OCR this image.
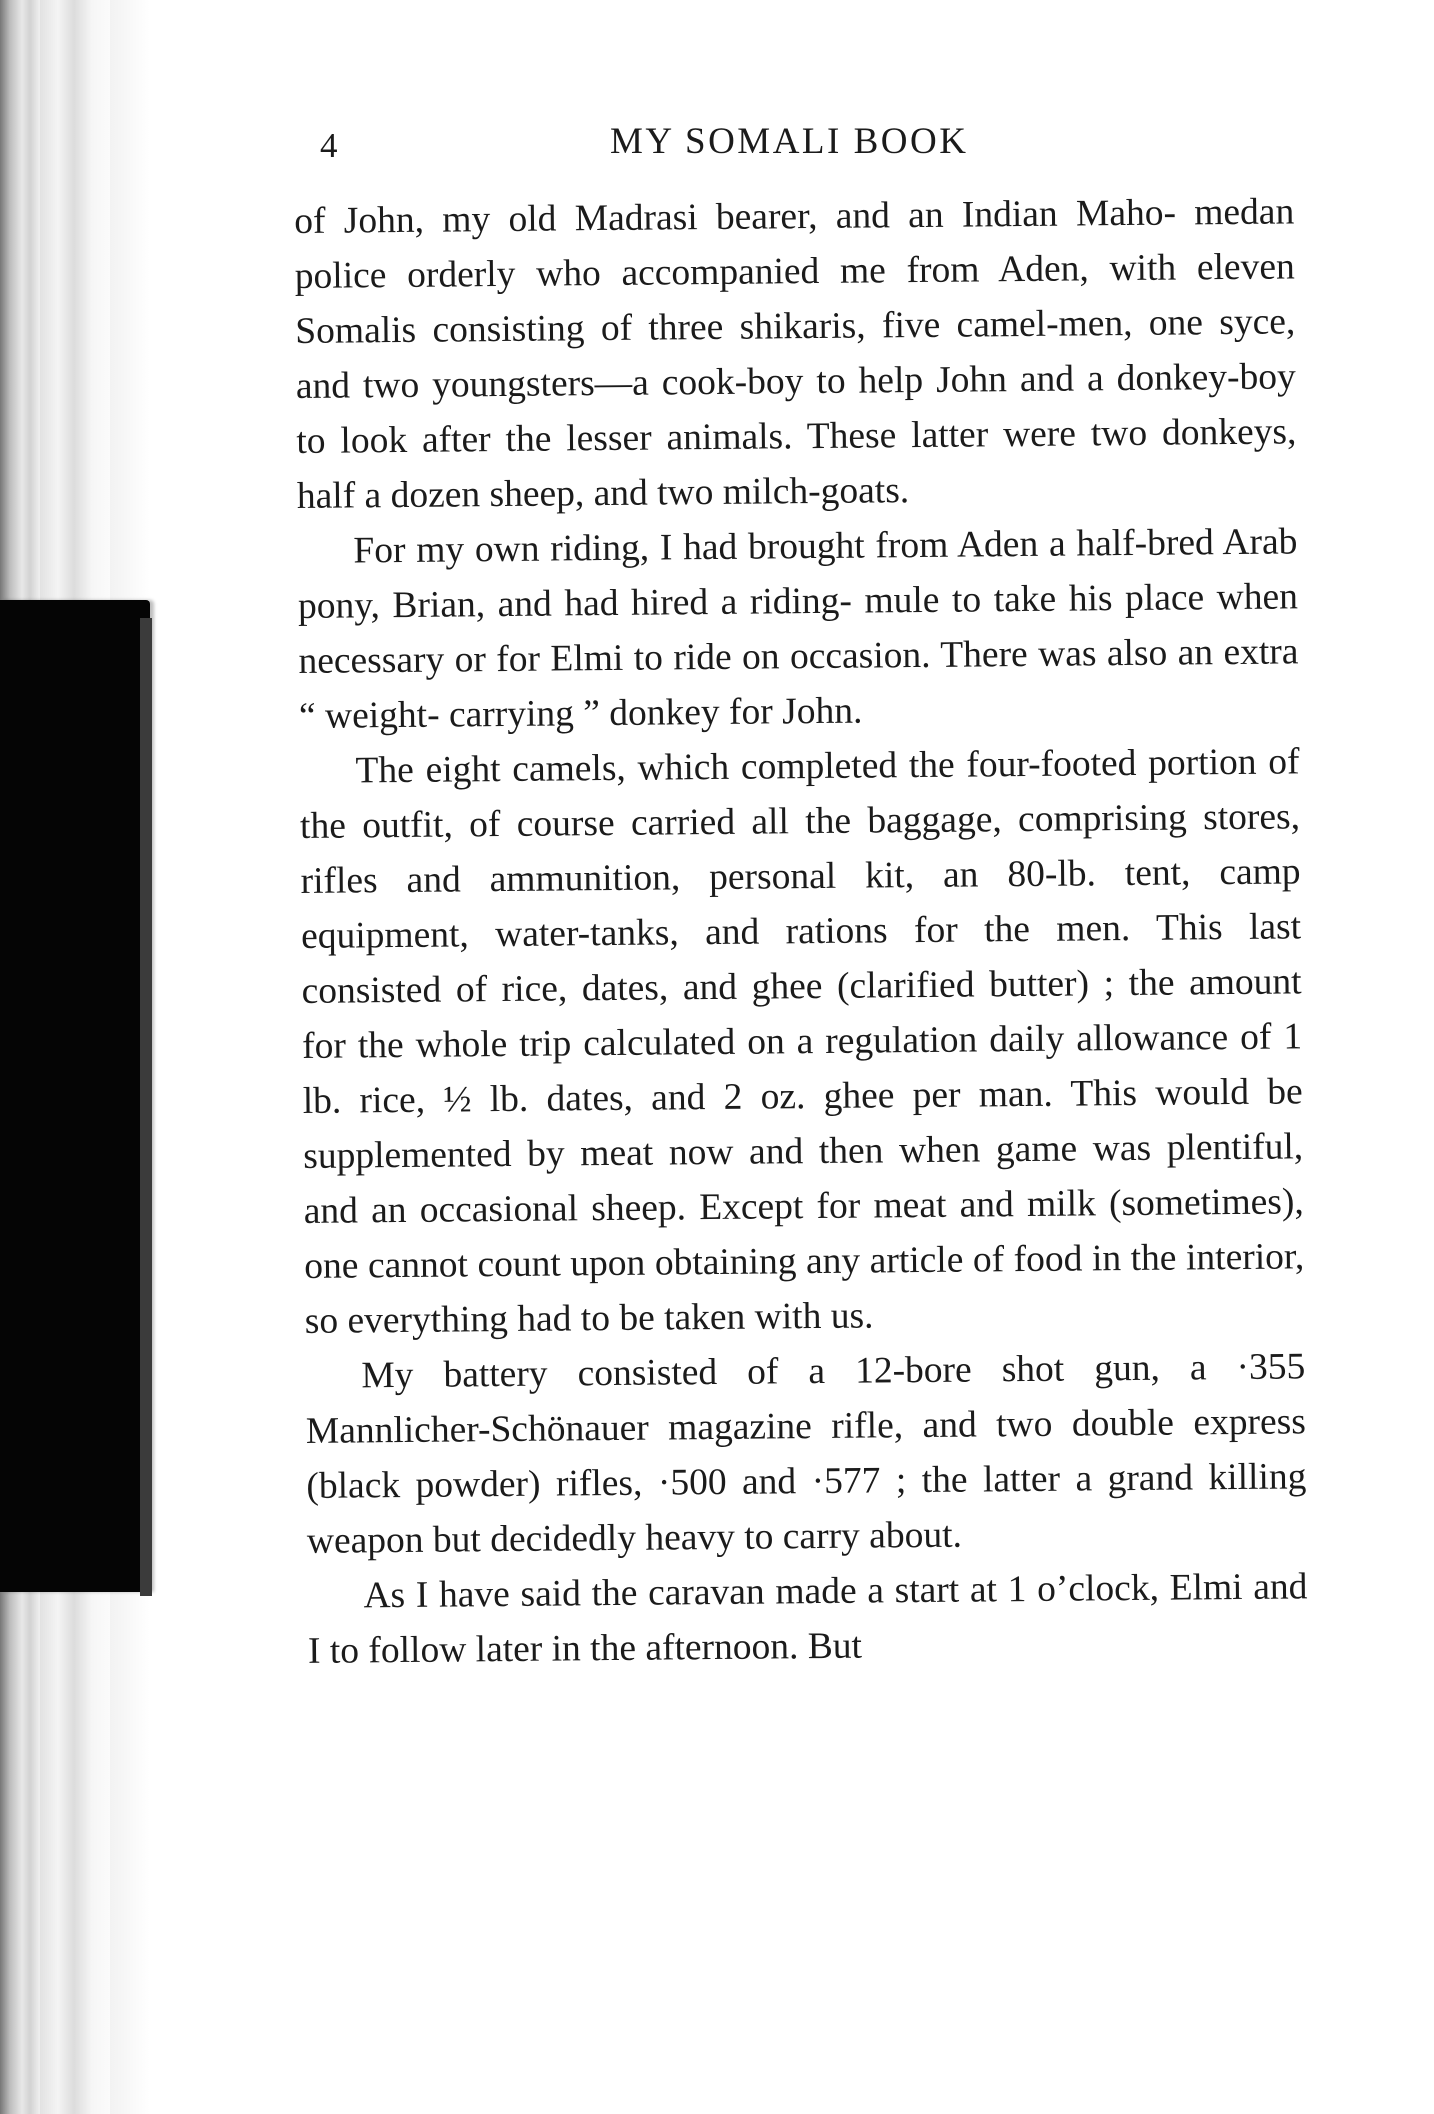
4	MY SOMALI BOOK

of John, my old Madrasi bearer, and an Indian Maho- medan police orderly who accompanied me from Aden, with eleven Somalis consisting of three shikaris, five camel-men, one syce, and two youngsters—a cook-boy to help John and a donkey-boy to look after the lesser animals. These latter were two donkeys, half a dozen sheep, and two milch-goats.

For my own riding, I had brought from Aden a half-bred Arab pony, Brian, and had hired a riding- mule to take his place when necessary or for Elmi to ride on occasion. There was also an extra “ weight- carrying ” donkey for John.

The eight camels, which completed the four-footed portion of the outfit, of course carried all the baggage, comprising stores, rifles and ammunition, personal kit, an 80-lb. tent, camp equipment, water-tanks, and rations for the men. This last consisted of rice, dates, and ghee (clarified butter) ; the amount for the whole trip calculated on a regulation daily allowance of 1 lb. rice, ½ lb. dates, and 2 oz. ghee per man. This would be supplemented by meat now and then when game was plentiful, and an occasional sheep. Except for meat and milk (sometimes), one cannot count upon obtaining any article of food in the interior, so everything had to be taken with us.

My battery consisted of a 12-bore shot gun, a ·355 Mannlicher-Schönauer magazine rifle, and two double express (black powder) rifles, ·500 and ·577 ; the latter a grand killing weapon but decidedly heavy to carry about.

As I have said the caravan made a start at 1 o’clock, Elmi and I to follow later in the afternoon. But
